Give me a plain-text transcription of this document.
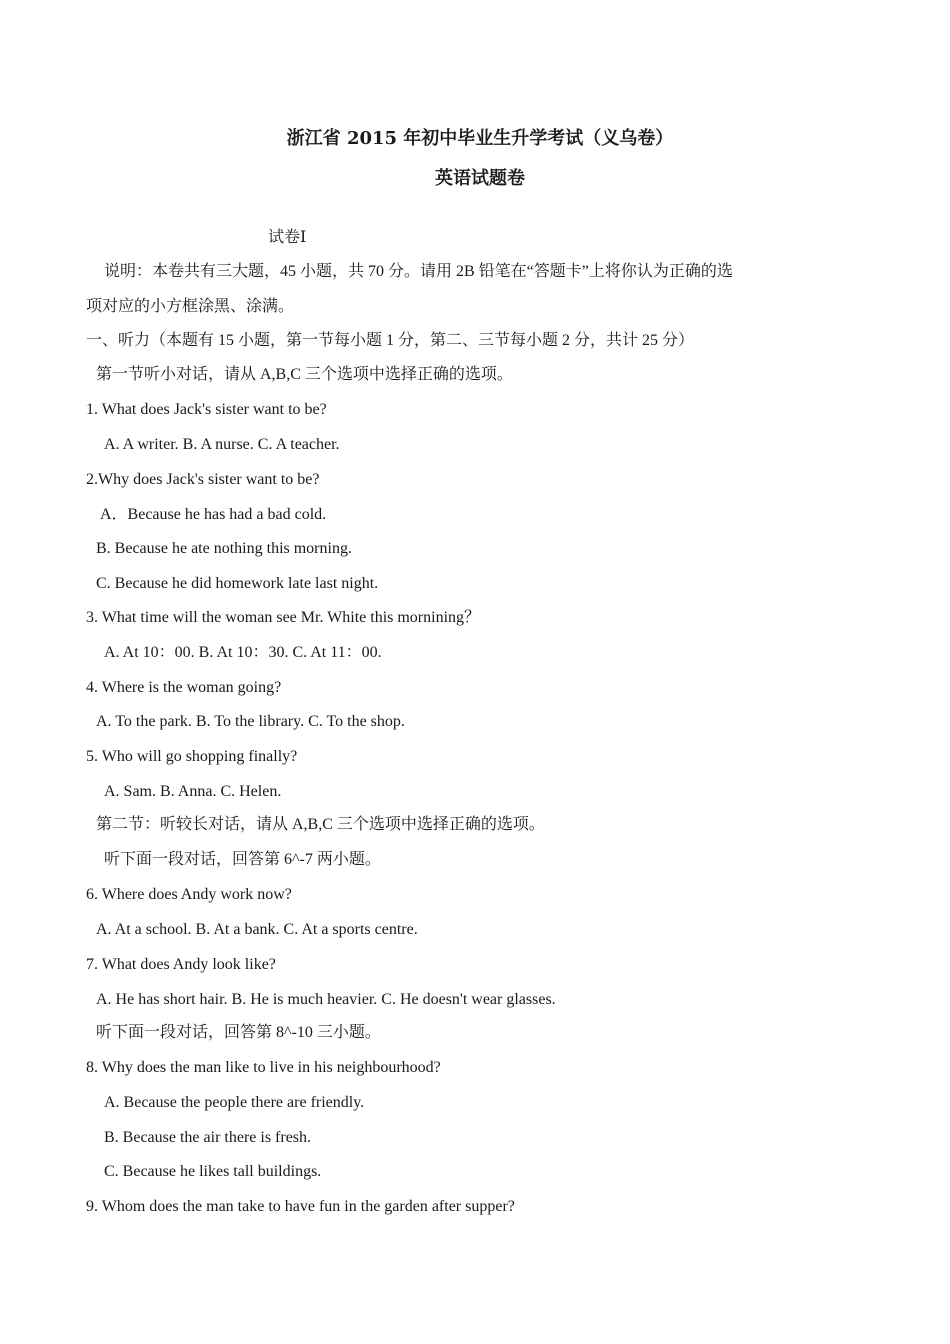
浙江省 2015 年初中毕业生升学考试（义乌卷）
英语试题卷
试卷Ⅰ
说明：本卷共有三大题，45 小题，共 70 分。请用 2B 铅笔在“答题卡”上将你认为正确的选
项对应的小方框涂黑、涂满。
一、听力（本题有 15 小题，第一节每小题 1 分，第二、三节每小题 2 分，共计 25 分）
第一节听小对话，请从 A,B,C 三个选项中选择正确的选项。
1. What does Jack's sister want to be?
A. A writer. B. A nurse. C. A teacher.
2.Why does Jack's sister want to be?
A．Because he has had a bad cold.
B. Because he ate nothing this morning.
C. Because he did homework late last night.
3. What time will the woman see Mr. White this mornining？
A. At 10：00. B. At 10：30. C. At 11：00.
4. Where is the woman going?
A. To the park. B. To the library. C. To the shop.
5. Who will go shopping finally?
A. Sam. B. Anna. C. Helen.
第二节：听较长对话，请从 A,B,C 三个选项中选择正确的选项。
听下面一段对话，回答第 6^-7 两小题。
6. Where does Andy work now?
A. At a school. B. At a bank. C. At a sports centre.
7. What does Andy look like?
A. He has short hair. B. He is much heavier. C. He doesn't wear glasses.
听下面一段对话，回答第 8^-10 三小题。
8. Why does the man like to live in his neighbourhood?
A. Because the people there are friendly.
B. Because the air there is fresh.
C. Because he likes tall buildings.
9. Whom does the man take to have fun in the garden after supper?
